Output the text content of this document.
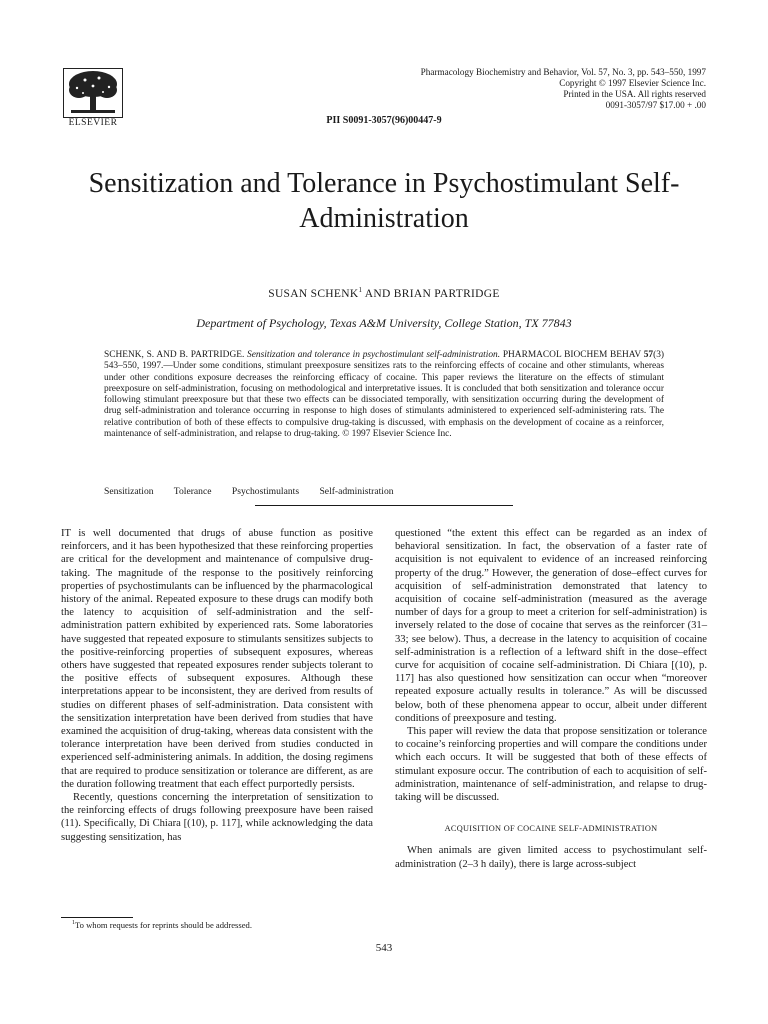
ELSEVIER
Pharmacology Biochemistry and Behavior, Vol. 57, No. 3, pp. 543–550, 1997
Copyright © 1997 Elsevier Science Inc.
Printed in the USA. All rights reserved
0091-3057/97 $17.00 + .00
PII S0091-3057(96)00447-9
Sensitization and Tolerance in Psychostimulant Self-Administration
SUSAN SCHENK$^1$ AND BRIAN PARTRIDGE
Department of Psychology, Texas A&M University, College Station, TX 77843

SCHENK, S. AND B. PARTRIDGE. Sensitization and tolerance in psychostimulant self-administration. PHARMACOL BIOCHEM BEHAV 57(3) 543–550, 1997.—Under some conditions, stimulant preexposure sensitizes rats to the reinforcing effects of cocaine and other stimulants, whereas under other conditions exposure decreases the reinforcing efficacy of cocaine. This paper reviews the literature on the effects of stimulant preexposure on self-administration, focusing on methodological and interpretative issues. It is concluded that both sensitization and tolerance occur following stimulant preexposure but that these two effects can be dissociated temporally, with sensitization occurring during the development of drug self-administration and tolerance occurring in response to high doses of stimulants administered to experienced self-administering rats. The relative contribution of both of these effects to compulsive drug-taking is discussed, with emphasis on the development of cocaine as a reinforcer, maintenance of self-administration, and relapse to drug-taking. © 1997 Elsevier Science Inc.

Sensitization Tolerance Psychostimulants Self-administration

IT is well documented that drugs of abuse function as positive reinforcers, and it has been hypothesized that these reinforcing properties are critical for the development and maintenance of compulsive drug-taking. The magnitude of the response to the positively reinforcing properties of psychostimulants can be influenced by the pharmacological history of the animal. Repeated exposure to these drugs can modify both the latency to acquisition of self-administration and the self-administration pattern exhibited by experienced rats. Some laboratories have suggested that repeated exposure to stimulants sensitizes subjects to the positive-reinforcing properties of subsequent exposures, whereas others have suggested that repeated exposures render subjects tolerant to the positive effects of subsequent exposures. Although these interpretations appear to be inconsistent, they are derived from results of studies on different phases of self-administration. Data consistent with the sensitization interpretation have been derived from studies that have examined the acquisition of drug-taking, whereas data consistent with the tolerance interpretation have been derived from studies conducted in experienced self-administering animals. In addition, the dosing regimens that are required to produce sensitization or tolerance are different, as are the duration following treatment that each effect purportedly persists.

Recently, questions concerning the interpretation of sensitization to the reinforcing effects of drugs following preexposure have been raised (11). Specifically, Di Chiara [(10), p. 117], while acknowledging the data suggesting sensitization, has

questioned “the extent this effect can be regarded as an index of behavioral sensitization. In fact, the observation of a faster rate of acquisition is not equivalent to evidence of an increased reinforcing property of the drug.” However, the generation of dose–effect curves for acquisition of self-administration demonstrated that latency to acquisition of cocaine self-administration (measured as the average number of days for a group to meet a criterion for self-administration) is inversely related to the dose of cocaine that serves as the reinforcer (31–33; see below). Thus, a decrease in the latency to acquisition of cocaine self-administration is a reflection of a leftward shift in the dose–effect curve for acquisition of cocaine self-administration. Di Chiara [(10), p. 117] has also questioned how sensitization can occur when “moreover repeated exposure actually results in tolerance.” As will be discussed below, both of these phenomena appear to occur, albeit under different conditions of preexposure and testing.

This paper will review the data that propose sensitization or tolerance to cocaine’s reinforcing properties and will compare the conditions under which each occurs. It will be suggested that both of these effects of stimulant exposure occur. The contribution of each to acquisition of self-administration, maintenance of self-administration, and relapse to drug-taking will be discussed.

ACQUISITION OF COCAINE SELF-ADMINISTRATION

When animals are given limited access to psychostimulant self-administration (2–3 h daily), there is large across-subject

$^1$To whom requests for reprints should be addressed.
543
